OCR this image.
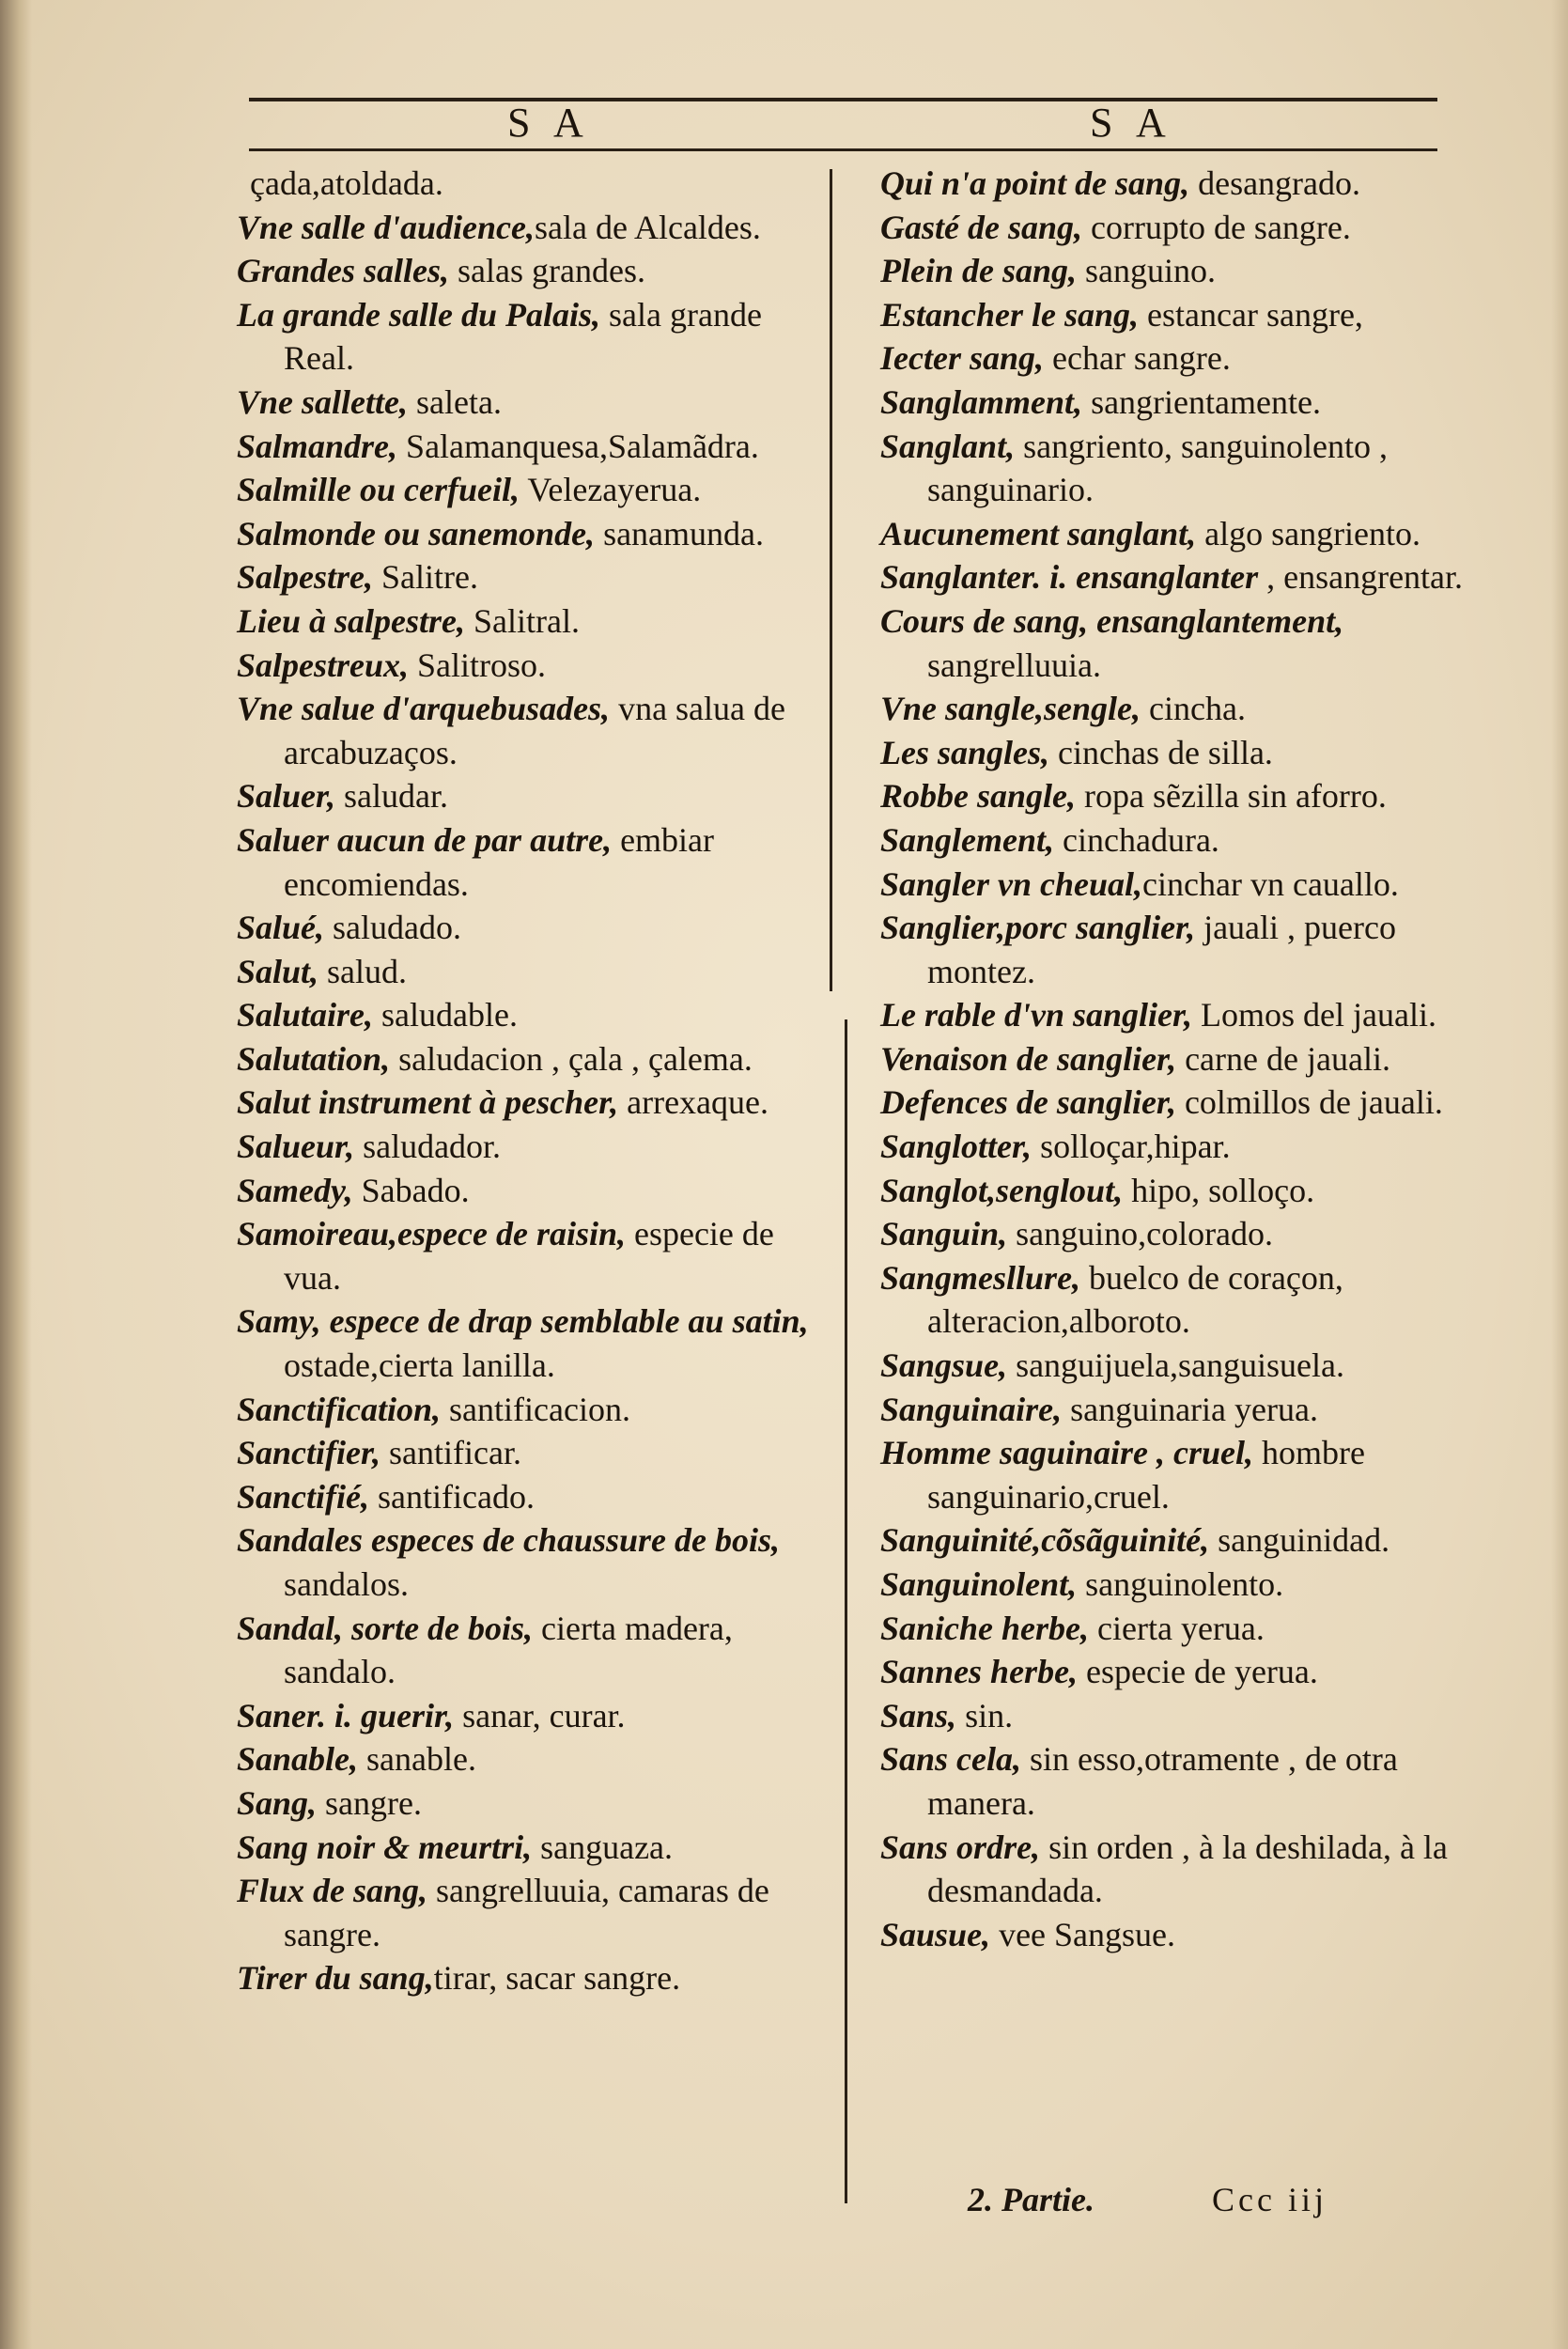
S A	S A

çada,atoldada.

Vne salle d'audience,sala de Alcaldes.

Grandes salles, salas grandes.

La grande salle du Palais, sala grande Real.

Vne sallette, saleta.

Salmandre, Salamanquesa,Salamãdra.

Salmille ou cerfueil, Velezayerua.

Salmonde ou sanemonde, sanamunda.

Salpestre, Salitre.

Lieu à salpestre, Salitral.

Salpestreux, Salitroso.

Vne salue d'arquebusades, vna salua de arcabuzaços.

Saluer, saludar.

Saluer aucun de par autre, embiar encomiendas.

Salué, saludado.

Salut, salud.

Salutaire, saludable.

Salutation, saludacion , çala , çalema.

Salut instrument à pescher, arrexaque.

Salueur, saludador.

Samedy, Sabado.

Samoireau,espece de raisin, especie de vua.

Samy, espece de drap semblable au satin, ostade,cierta lanilla.

Sanctification, santificacion.

Sanctifier, santificar.

Sanctifié, santificado.

Sandales especes de chaussure de bois, sandalos.

Sandal, sorte de bois, cierta madera, sandalo.

Saner. i. guerir, sanar, curar.

Sanable, sanable.

Sang, sangre.

Sang noir & meurtri, sanguaza.

Flux de sang, sangrelluuia, camaras de sangre.

Tirer du sang,tirar, sacar sangre.

Qui n'a point de sang, desangrado.

Gasté de sang, corrupto de sangre.

Plein de sang, sanguino.

Estancher le sang, estancar sangre,

Iecter sang, echar sangre.

Sanglamment, sangrientamente.

Sanglant, sangriento, sanguinolento , sanguinario.

Aucunement sanglant, algo sangriento.

Sanglanter. i. ensanglanter , ensangrentar.

Cours de sang, ensanglantement, sangrelluuia.

Vne sangle,sengle, cincha.

Les sangles, cinchas de silla.

Robbe sangle, ropa sẽzilla sin aforro.

Sanglement, cinchadura.

Sangler vn cheual,cinchar vn cauallo.

Sanglier,porc sanglier, jauali , puerco montez.

Le rable d'vn sanglier, Lomos del jauali.

Venaison de sanglier, carne de jauali.

Defences de sanglier, colmillos de jauali.

Sanglotter, solloçar,hipar.

Sanglot,senglout, hipo, solloço.

Sanguin, sanguino,colorado.

Sangmesllure, buelco de coraçon, alteracion,alboroto.

Sangsue, sanguijuela,sanguisuela.

Sanguinaire, sanguinaria yerua.

Homme saguinaire , cruel, hombre sanguinario,cruel.

Sanguinité,cõsãguinité, sanguinidad.

Sanguinolent, sanguinolento.

Saniche herbe, cierta yerua.

Sannes herbe, especie de yerua.

Sans, sin.

Sans cela, sin esso,otramente , de otra manera.

Sans ordre, sin orden , à la deshilada, à la desmandada.

Sausue, vee Sangsue.

2. Partie.	Ccc iij
